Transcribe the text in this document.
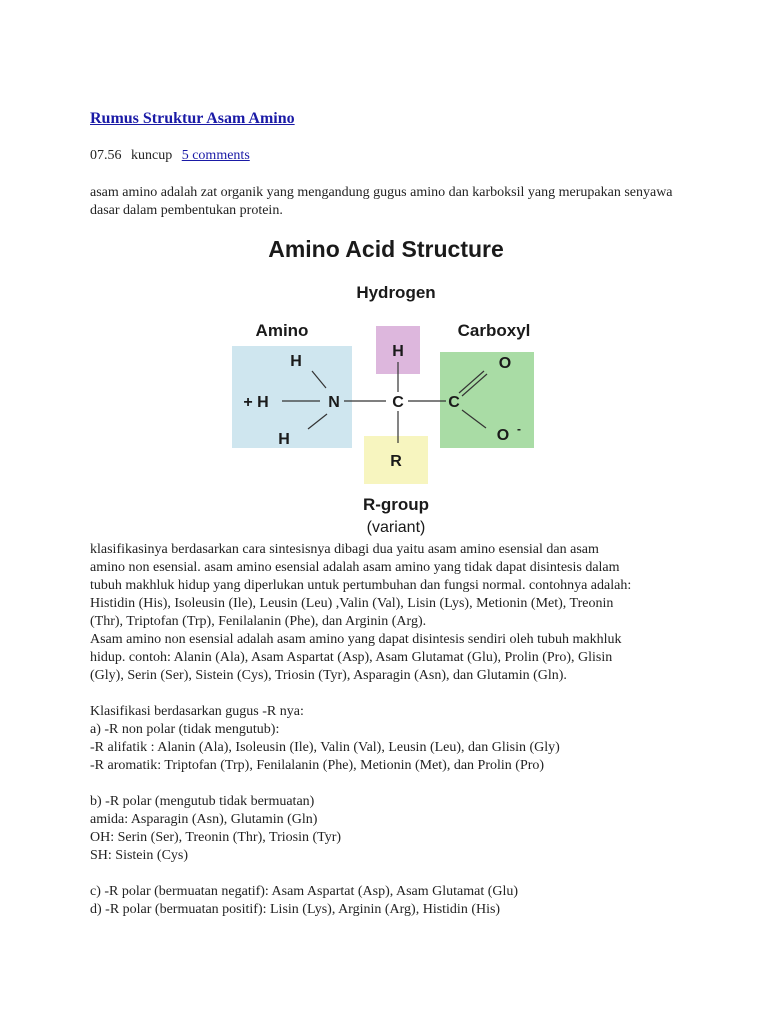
Rumus Struktur Asam Amino
07.56 kuncup 5 comments
asam amino adalah zat organik yang mengandung gugus amino dan karboksil yang merupakan senyawa dasar dalam pembentukan protein.
Amino Acid Structure
Hydrogen
Amino	Carboxyl
R-group
(variant)
H
+ H	N
H
H
C
R
C
O
O -

klasifikasinya berdasarkan cara sintesisnya dibagi dua yaitu asam amino esensial dan asam

amino non esensial. asam amino esensial adalah asam amino yang tidak dapat disintesis dalam

tubuh makhluk hidup yang diperlukan untuk pertumbuhan dan fungsi normal. contohnya adalah:

Histidin (His), Isoleusin (Ile), Leusin (Leu) ,Valin (Val), Lisin (Lys), Metionin (Met), Treonin

(Thr), Triptofan (Trp), Fenilalanin (Phe), dan Arginin (Arg).

Asam amino non esensial adalah asam amino yang dapat disintesis sendiri oleh tubuh makhluk

hidup. contoh: Alanin (Ala), Asam Aspartat (Asp), Asam Glutamat (Glu), Prolin (Pro), Glisin

(Gly), Serin (Ser), Sistein (Cys), Triosin (Tyr), Asparagin (Asn), dan Glutamin (Gln).

Klasifikasi berdasarkan gugus -R nya:

a) -R non polar (tidak mengutub):

-R alifatik : Alanin (Ala), Isoleusin (Ile), Valin (Val), Leusin (Leu), dan Glisin (Gly)

-R aromatik: Triptofan (Trp), Fenilalanin (Phe), Metionin (Met), dan Prolin (Pro)

b) -R polar (mengutub tidak bermuatan)

amida: Asparagin (Asn), Glutamin (Gln)

OH: Serin (Ser), Treonin (Thr), Triosin (Tyr)

SH: Sistein (Cys)

c) -R polar (bermuatan negatif): Asam Aspartat (Asp), Asam Glutamat (Glu)

d) -R polar (bermuatan positif): Lisin (Lys), Arginin (Arg), Histidin (His)
